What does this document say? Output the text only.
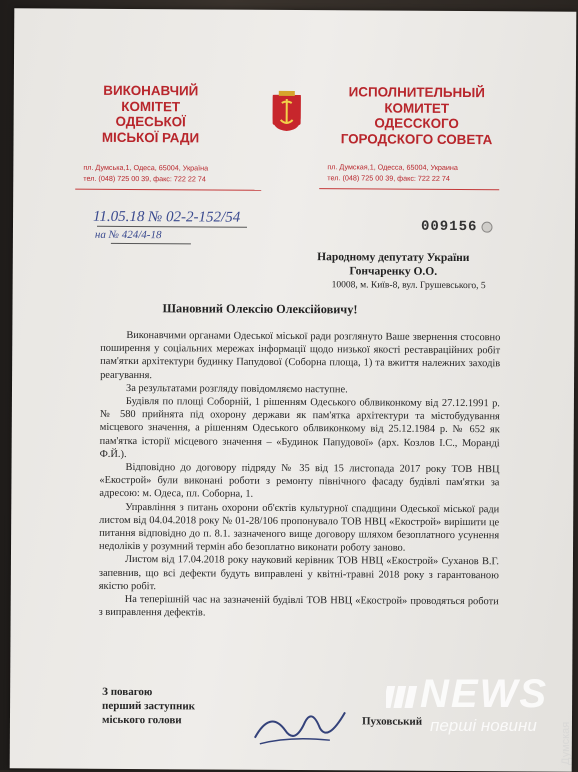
ВИКОНАВЧИЙ
КОМІТЕТ
ОДЕСЬКОЇ
МІСЬКОЇ РАДИ
ИСПОЛНИТЕЛЬНЫЙ
КОМИТЕТ
ОДЕССКОГО
ГОРОДСКОГО СОВЕТА
пл. Думська,1, Одеса, 65004, Україна
тел. (048) 725 00 39, факс: 722 22 74
пл. Думская,1, Одесса, 65004, Украина
тел. (048) 725 00 39, факс: 722 22 74
11.05.18 № 02-2-152/54
на № 424/4-18	009156
Народному депутату України
Гончаренку О.О.
10008, м. Київ-8, вул. Грушевського, 5
Шановний Олексію Олексійовичу!

Виконавчими органами Одеської міської ради розглянуто Ваше звернення стосовно поширення у соціальних мережах інформації щодо низької якості реставраційних робіт пам'ятки архітектури будинку Папудової (Соборна площа, 1) та вжиття належних заходів реагування.

За результатами розгляду повідомляємо наступне.

Будівля по площі Соборній, 1 рішенням Одеського облвиконкому від 27.12.1991 р. № 580 прийнята під охорону держави як пам'ятка архітектури та містобудування місцевого значення, а рішенням Одеського облвиконкому від 25.12.1984 р. № 652 як пам'ятка історії місцевого значення – «Будинок Папудової» (арх. Козлов І.С., Моранді Ф.Й.).

Відповідно до договору підряду № 35 від 15 листопада 2017 року ТОВ НВЦ «Екострой» були виконані роботи з ремонту північного фасаду будівлі пам'ятки за адресою: м. Одеса, пл. Соборна, 1.

Управління з питань охорони об'єктів культурної спадщини Одеської міської ради листом від 04.04.2018 року № 01-28/106 пропонувало ТОВ НВЦ «Екострой» вирішити це питання відповідно до п. 8.1. зазначеного вище договору шляхом безоплатного усунення недоліків у розумний термін або безоплатно виконати роботу заново.

Листом від 17.04.2018 року науковий керівник ТОВ НВЦ «Екострой» Суханов В.Г. запевнив, що всі дефекти будуть виправлені у квітні-травні 2018 року з гарантованою якістю робіт.

На теперішній час на зазначеній будівлі ТОВ НВЦ «Екострой» проводяться роботи з виправлення дефектів.

З повагою
перший заступник
міського голови	Пуховський
NEWS
перші новини Думская
